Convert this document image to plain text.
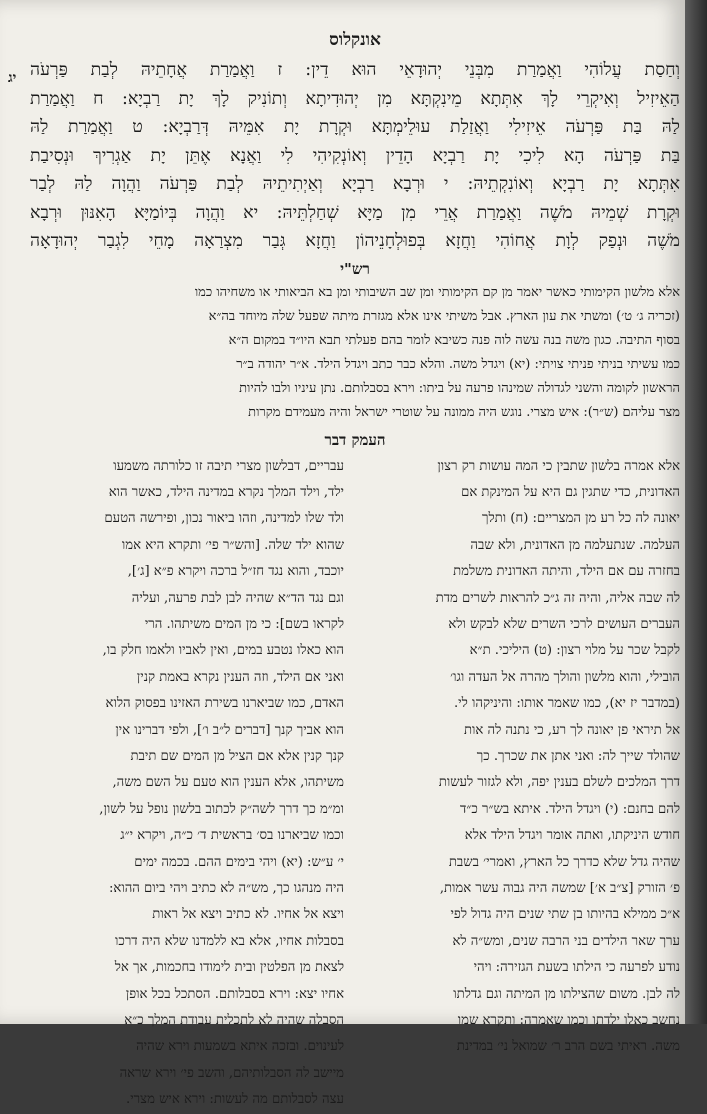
אונקלוס
יג וְחַסַת עֲלוֹהִי וַאֲמַרַת מִבְּנֵי יְהוּדָאֵי הוּא דֵין: ז וַאֲמַרַת אֲחָתֵיהּ לְבַת פַּרְעֹה

הַאֵיזִיל וְאִיקְרֵי לָךְ אִתְּתָא מֵינִקְתָּא מִן יְהוּדִיתָא וְתוֹנִיק לָךְ יָת רַבְיָא: ח וַאֲמַרַת

לַהּ בַּת פַּרְעֹה אֵיזִילִי וַאֲזַלַת עוּלֵימְתָּא וּקְרָת יָת אִמֵּיהּ דְּרַבְיָא: ט וַאֲמַרַת לַהּ

בַּת פַּרְעֹה הָא לִיכִי יָת רַבְיָא הָדֵין וְאוֹנְקִיהִי לִי וַאֲנָא אֶתֵּן יָת אַגְרִיךְ וּנְסִיבַת

אִתְּתָא יָת רַבְיָא וְאוֹנִקְתֵיהּ: י וּרְבָא רַבְיָא וְאַיְתִיתֵיהּ לְבַת פַּרְעֹה וַהֲוָה לַהּ לְבַר

וּקְרָת שְׁמֵיהּ מֹשֶׁה וַאֲמַרַת אֲרֵי מִן מַיָּא שְׁחַלְתֵּיהּ: יא וַהֲוָה בְּיוֹמַיָּא הָאִנּוּן וּרְבָא

מֹשֶׁה וּנְפַק לְוָת אֲחוֹהִי וַחֲזָא בְּפוּלְחָנֵיהוֹן וַחֲזָא גְּבַר מִצְרַאָה מָחֵי לִגְבַר יְהוּדָאָה

רש"י

אלא מלשון הקימותי כאשר יאמר מן קם הקימותי ומן שב השיבותי ומן בא הביאותי או משחיהו כמו

(זכריה ג׳ ט׳) ומשתי את עון הארץ. אבל משיתי אינו אלא מגזרת מיתה שפעל שלה מיוחד בה״א

בסוף התיבה. כגון משה בנה עשה לוה פנה כשיבא לומר בהם פעלתי תבא היו״ד במקום ה״א

כמו עשיתי בניתי פניתי צויתי: (יא) ויגדל משה. והלא כבר כתב ויגדל הילד. א״ר יהודה ב״ר

הראשון לקומה והשני לגדולה שמינהו פרעה על ביתו: וירא בסבלותם. נתן עיניו ולבו להיות

מצר עליהם (ש״ר): איש מצרי. נוגש היה ממונה על שוטרי ישראל והיה מעמידם מקרות

העמק דבר

אלא אמרה בלשון שתבין כי המה עושות רק רצון

האדונית, כדי שתגין גם היא על המינקת אם

יאונה לה כל רע מן המצריים: (ח) ותלך

העלמה. שנתעלמה מן האדונית, ולא שבה

בחזרה עם אם הילד, והיתה האדונית משלמת

לה שבה אליה, והיה זה ג״כ להראות לשרים מדת

העברים העושים לרכי השרים שלא לבקש ולא

לקבל שכר על מלוי רצון: (ט) היליכי. ת״א

הובילי, והוא מלשון והולך מהרה אל העדה וגו׳

(במדבר יז יא), כמו שאמר אותו: והיניקהו לי.

אל תיראי פן יאונה לך רע, כי נתנה לה אות

שהולד שייך לה: ואני אתן את שכרך. כך

דרך המלכים לשלם בענין יפה, ולא לגזור לעשות

להם בחנם: (י) ויגדל הילד. איתא בש״ר כ״ד

חודש היניקתו, ואתה אומר ויגדל הילד אלא

שהיה גדל שלא כדרך כל הארץ, ואמרי׳ בשבת

פ׳ הזורק [צ״ב א׳] שמשה היה גבוה עשר אמות,

א״כ ממילא בהיותו בן שתי שנים היה גדול לפי

ערך שאר הילדים בני הרבה שנים, ומש״ה לא

נודע לפרעה כי הילתו בשעת הגזירה: ויהי

לה לבן. משום שהצילתו מן המיתה וגם גדלתו

נחשב כאלו ילדתו וכמו שאמרה: ותקרא שמו

משה. ראיתי בשם הרב ר׳ שמואל ני׳ במדינת

עבריים, דבלשון מצרי תיבה זו כלורתה משמעו

ילד, וילד המלך נקרא במדינה הילד, כאשר הוא

ולד שלו למדינה, וזהו ביאור נכון, ופירשה הטעם

שהוא ילד שלה. [והש״ר פי׳ ותקרא היא אמו

יוכבד, והוא נגד חז״ל ברכה ויקרא פ״א [ג׳],

וגם נגד הד״א שהיה לבן לבת פרעה, ועליה

לקראו בשם]: כי מן המים משיתהו. הרי

הוא כאלו נטבע במים, ואין לאביו ולאמו חלק בו,

ואני אם הילד, וזה הענין נקרא באמת קנין

האדם, כמו שביארנו בשירת האזינו בפסוק הלוא

הוא אביך קנך [דברים ל״ב ו׳], ולפי דברינו אין

קנך קנין אלא אם הציל מן המים שם תיבת

משיתהו, אלא הענין הוא טעם על השם משה,

ומ״מ כך דרך לשה״ק לכתוב בלשון נופל על לשון,

וכמו שביארנו בס׳ בראשית ד׳ כ״ה, ויקרא י״ג

י׳ ע״ש: (יא) ויהי בימים ההם. בכמה ימים

היה מנהגו כך, מש״ה לא כתיב ויהי ביום ההוא:

ויצא אל אחיו. לא כתיב ויצא אל ראות

בסבלות אחיו, אלא בא ללמדנו שלא היה דרכו

לצאת מן הפלטין ובית לימודו בחכמות, אך אל

אחיו יצא: וירא בסבלותם. הסתכל בכל אופן

הסבלה שהיה לא לתכלית עבודת המלך כ״א

לעינוים. ובזכה איתא בשמעות וירא שהיה

מיישב לה הסבלותיהם, והשב פי׳ וירא שראה

עצה לסבלותם מה לעשות: וירא איש מצרי.
